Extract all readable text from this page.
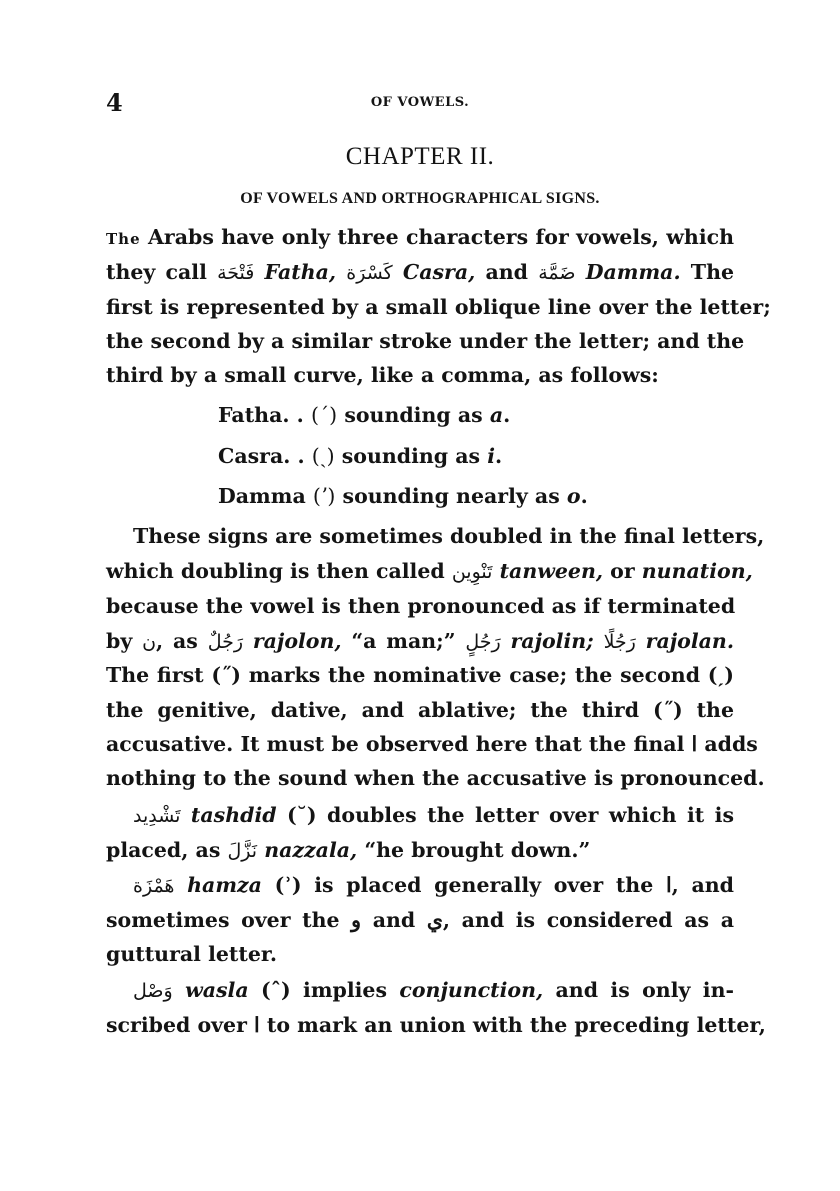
4	OF VOWELS.
CHAPTER II.
OF VOWELS AND ORTHOGRAPHICAL SIGNS.
The Arabs have only three characters for vowels, which
they call فَتْحَة Fatha, كَسْرَة Casra, and ضَمَّة Damma. The
first is represented by a small oblique line over the letter;
the second by a similar stroke under the letter; and the
third by a small curve, like a comma, as follows:
Fatha. . (´) sounding as a.
Casra. . (ˏ) sounding as i.
Damma (ʼ) sounding nearly as o.
These signs are sometimes doubled in the final letters,
which doubling is then called تَنْوِين tanween, or nunation,
because the vowel is then pronounced as if terminated
by ن, as رَجُلٌ rajolon, “a man;” رَجُلٍ rajolin; رَجُلًا rajolan.
The first (˝) marks the nominative case; the second (ˏ)
the genitive, dative, and ablative; the third (˝) the
accusative. It must be observed here that the final ا adds
nothing to the sound when the accusative is pronounced.
تَشْدِيد tashdid (˘) doubles the letter over which it is
placed, as نَزَّلَ nazzala, “he brought down.”
هَمْزَة hamza (ʾ) is placed generally over the ا, and
sometimes over the و and ي, and is considered as a
guttural letter.
وَصْل wasla (ˆ) implies conjunction, and is only in-
scribed over ا to mark an union with the preceding letter,
